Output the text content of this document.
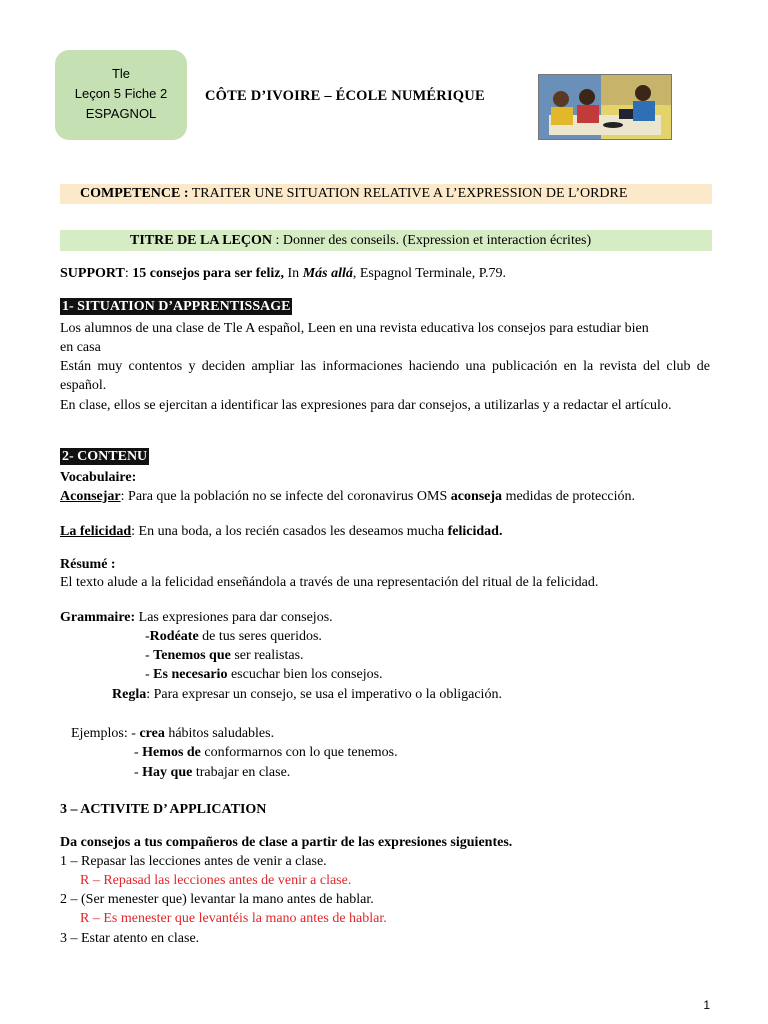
Tle
Leçon 5 Fiche 2
ESPAGNOL
CÔTE D’IVOIRE – ÉCOLE NUMÉRIQUE
COMPETENCE : TRAITER UNE SITUATION RELATIVE A L’EXPRESSION DE L’ORDRE
TITRE DE LA LEÇON : Donner des conseils. (Expression et interaction écrites)
SUPPORT: 15 consejos para ser feliz, In Más allá, Espagnol Terminale, P.79.
1- SITUATION D’APPRENTISSAGE
Los alumnos de una clase de Tle A español, Leen en una revista educativa los consejos para estudiar bien en casa
Están muy contentos y deciden ampliar las informaciones haciendo una publicación en la revista del club de español.
En clase, ellos se ejercitan a identificar las expresiones para dar consejos, a utilizarlas y a redactar el artículo.
2- CONTENU
Vocabulaire:
Aconsejar: Para que la población no se infecte del coronavirus OMS aconseja medidas de protección.
La felicidad: En una boda, a los recién casados les deseamos mucha felicidad.
Résumé :
El texto alude a la felicidad enseñándola a través de una representación del ritual de la felicidad.
Grammaire: Las expresiones para dar consejos.
-Rodéate de tus seres queridos.
- Tenemos que ser realistas.
- Es necesario escuchar bien los consejos.
Regla: Para expresar un consejo, se usa el imperativo o la obligación.
Ejemplos: - crea hábitos saludables.
- Hemos de conformarnos con lo que tenemos.
- Hay que trabajar en clase.
3 – ACTIVITE D’ APPLICATION
Da consejos a tus compañeros de clase a partir de las expresiones siguientes.
1 – Repasar las lecciones antes de venir a clase.
R – Repasad las lecciones antes de venir a clase.
2 – (Ser menester que) levantar la mano antes de hablar.
R – Es menester que levantéis la mano antes de hablar.
3 – Estar atento en clase.
1
